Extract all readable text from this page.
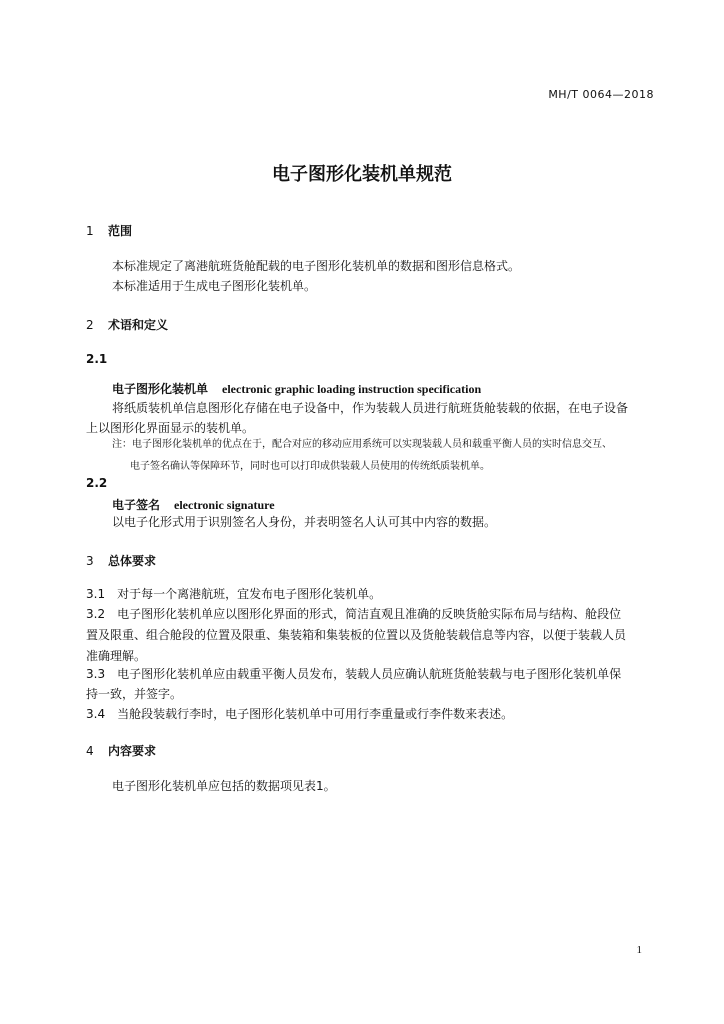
MH/T 0064—2018
电子图形化装机单规范
1 范围
本标准规定了离港航班货舱配载的电子图形化装机单的数据和图形信息格式。
本标准适用于生成电子图形化装机单。
2 术语和定义
2.1
电子图形化装机单 electronic graphic loading instruction specification
将纸质装机单信息图形化存储在电子设备中，作为装载人员进行航班货舱装载的依据，在电子设备
上以图形化界面显示的装机单。
注：电子图形化装机单的优点在于，配合对应的移动应用系统可以实现装载人员和载重平衡人员的实时信息交互、
电子签名确认等保障环节，同时也可以打印成供装载人员使用的传统纸质装机单。
2.2
电子签名 electronic signature
以电子化形式用于识别签名人身份，并表明签名人认可其中内容的数据。
3 总体要求
3.1　对于每一个离港航班，宜发布电子图形化装机单。
3.2　电子图形化装机单应以图形化界面的形式，简洁直观且准确的反映货舱实际布局与结构、舱段位
置及限重、组合舱段的位置及限重、集装箱和集装板的位置以及货舱装载信息等内容，以便于装载人员
准确理解。
3.3　电子图形化装机单应由载重平衡人员发布，装载人员应确认航班货舱装载与电子图形化装机单保
持一致，并签字。
3.4　当舱段装载行李时，电子图形化装机单中可用行李重量或行李件数来表述。
4 内容要求
电子图形化装机单应包括的数据项见表1。
1
